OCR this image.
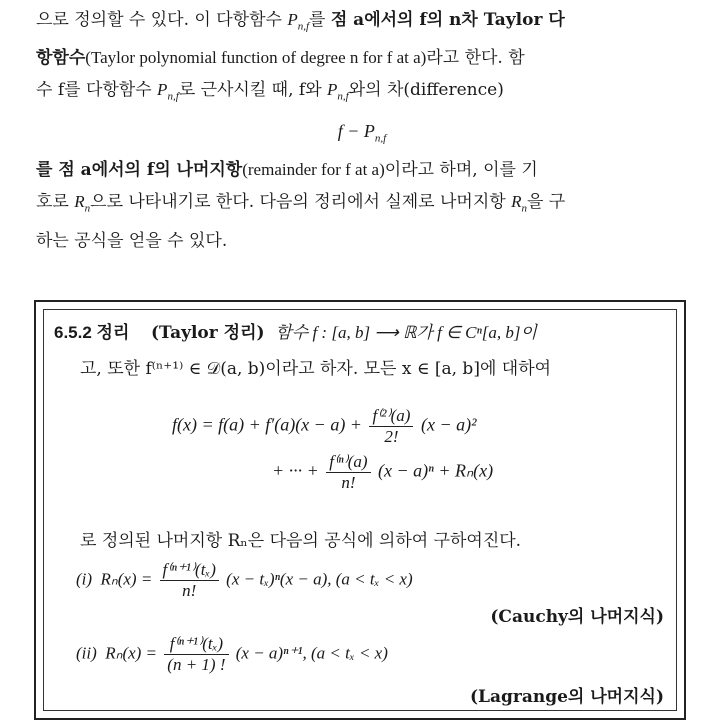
으로 정의할 수 있다. 이 다항함수 $P_{n,f}$를 점 a에서의 f의 n차 Taylor 다
항함수(Taylor polynomial function of degree n for f at a)라고 한다. 함
수 f를 다항함수 $P_{n,f}$로 근사시킬 때, f와 $P_{n,f}$와의 차(difference)
$f - P_{n,f}$
를 점 a에서의 f의 나머지항(remainder for f at a)이라고 하며, 이를 기
호로 $R_n$으로 나타내기로 한다. 다음의 정리에서 실제로 나머지항 $R_n$을 구
하는 공식을 얻을 수 있다.
6.5.2 정리 (Taylor 정리) 함수 f : [a, b] ⟶ ℝ가 f ∈ Cⁿ[a, b]이
고, 또한 f⁽ⁿ⁺¹⁾ ∈ 𝒟(a, b)이라고 하자. 모든 x ∈ [a, b]에 대하여
$f(x) = f(a) + f'(a)(x - a) + \frac{\text{f⁽²⁾(a)}}{2!} (x - a)^2$
+ ··· + $\frac{\text{f⁽ⁿ⁾(a)}}{n!} (x - a)^n + R_n(x)$
로 정의된 나머지항 Rₙ은 다음의 공식에 의하여 구하여진다.
(i) $R_n(x) = \frac{\text{f⁽ⁿ⁺¹⁾(tₓ)}}{n!} (x - t_x)^n(x - a)$, (a < tₓ < x)
(Cauchy의 나머지식)
(ii) $R_n(x) = \frac{\text{f⁽ⁿ⁺¹⁾(tₓ)}}{(n + 1) !} (x - a)^{n+1}$, (a < tₓ < x)
(Lagrange의 나머지식)
